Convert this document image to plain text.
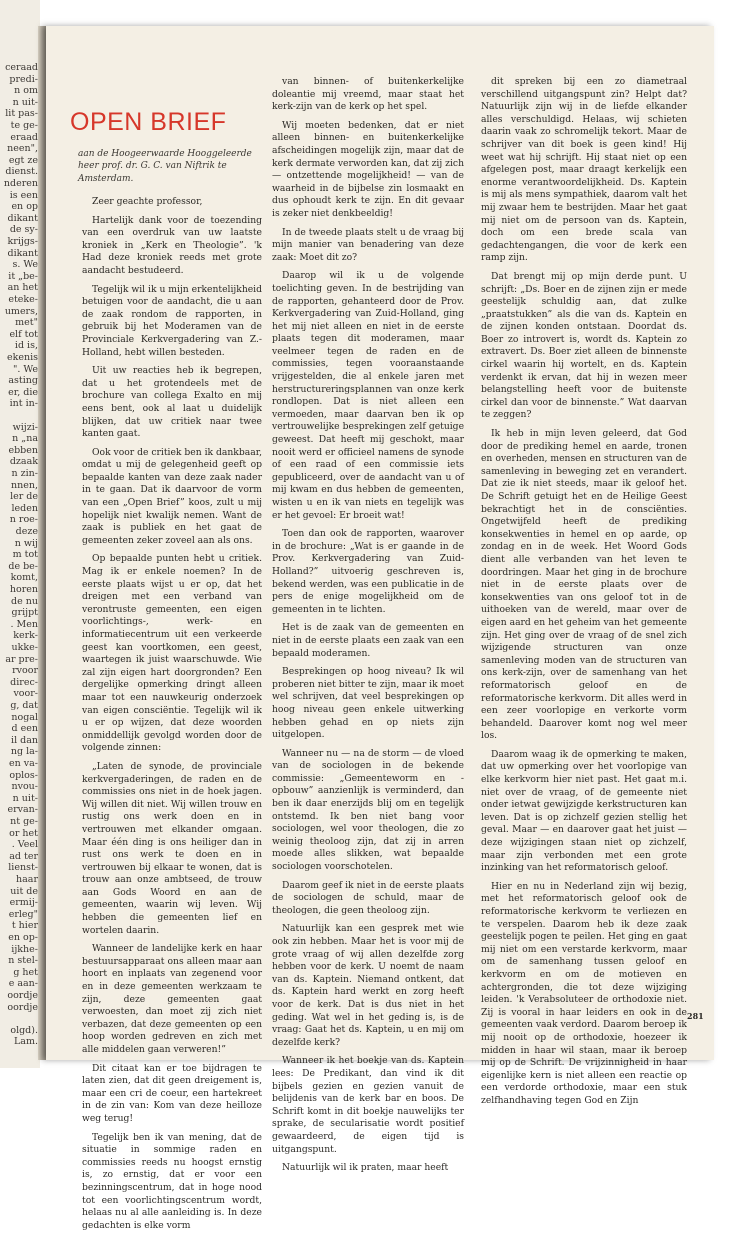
ceraad
predi-
n om
n uit-
lit pas-
te ge-
eraad
neen",
egt ze
dienst.
nderen
is een
en op
dikant
de sy-
krijgs-
dikant
s. We
it „be-
an het
eteke-
umers,
met"
elf tot
id is,
ekenis
". We
asting
er, die
int in-
wijzi-
n „na
ebben
dzaak
n zin-
nnen,
ler de
leden
n roe-
deze
n wij
m tot
de be-
komt,
horen
de nu
grijpt
. Men
kerk-
ukke-
ar pre-
rvoor
direc-
voor-
g, dat
nogal
d een
il dan
ng la-
en va-
oplos-
nvou-
n uit-
ervan-
nt ge-
or het
. Veel
ad ter
lienst-
haar
uit de
ermij-
erleg"
t hier
en op-
ijkhe-
n stel-
g het
e aan-
oordje
oordje
olgd).
Lam.
OPEN BRIEF
aan de Hoogeerwaarde Hooggeleerde heer prof. dr. G. C. van Niftrik te Amsterdam.

Zeer geachte professor,

Hartelijk dank voor de toezending van een overdruk van uw laatste kroniek in „Kerk en Theologie”. 'k Had deze kroniek reeds met grote aandacht bestudeerd.

Tegelijk wil ik u mijn erkentelijkheid betuigen voor de aandacht, die u aan de zaak rondom de rapporten, in gebruik bij het Moderamen van de Provinciale Kerkvergadering van Z.-Holland, hebt willen besteden.

Uit uw reacties heb ik begrepen, dat u het grotendeels met de brochure van collega Exalto en mij eens bent, ook al laat u duidelijk blijken, dat uw critiek naar twee kanten gaat.

Ook voor de critiek ben ik dankbaar, omdat u mij de gelegenheid geeft op bepaalde kanten van deze zaak nader in te gaan. Dat ik daarvoor de vorm van een „Open Brief” koos, zult u mij hopelijk niet kwalijk nemen. Want de zaak is publiek en het gaat de gemeenten zeker zoveel aan als ons.

Op bepaalde punten hebt u critiek. Mag ik er enkele noemen? In de eerste plaats wijst u er op, dat het dreigen met een verband van verontruste gemeenten, een eigen voorlichtings-, werk- en informatiecentrum uit een verkeerde geest kan voortkomen, een geest, waartegen ik juist waarschuwde. Wie zal zijn eigen hart doorgronden? Een dergelijke opmerking dringt alleen maar tot een nauwkeurig onderzoek van eigen consciëntie. Tegelijk wil ik u er op wijzen, dat deze woorden onmiddellijk gevolgd worden door de volgende zinnen:

„Laten de synode, de provinciale kerkvergaderingen, de raden en de commissies ons niet in de hoek jagen. Wij willen dit niet. Wij willen trouw en rustig ons werk doen en in vertrouwen met elkander omgaan. Maar één ding is ons heiliger dan in rust ons werk te doen en in vertrouwen bij elkaar te wonen, dat is trouw aan onze ambtseed, de trouw aan Gods Woord en aan de gemeenten, waarin wij leven. Wij hebben die gemeenten lief en wortelen daarin.

Wanneer de landelijke kerk en haar bestuursapparaat ons alleen maar aan hoort en inplaats van zegenend voor en in deze gemeenten werkzaam te zijn, deze gemeenten gaat verwoesten, dan moet zij zich niet verbazen, dat deze gemeenten op een hoop worden gedreven en zich met alle middelen gaan verweren!”

Dit citaat kan er toe bijdragen te laten zien, dat dit geen dreigement is, maar een cri de coeur, een hartekreet in de zin van: Kom van deze heilloze weg terug!

Tegelijk ben ik van mening, dat de situatie in sommige raden en commissies reeds nu hoogst ernstig is, zo ernstig, dat er voor een bezinningscentrum, dat in hoge nood tot een voorlichtingscentrum wordt, helaas nu al alle aanleiding is. In deze gedachten is elke vorm

van binnen- of buitenkerkelijke doleantie mij vreemd, maar staat het kerk-zijn van de kerk op het spel.

Wij moeten bedenken, dat er niet alleen binnen- en buitenkerkelijke afscheidingen mogelijk zijn, maar dat de kerk dermate verworden kan, dat zij zich — ontzettende mogelijkheid! — van de waarheid in de bijbelse zin losmaakt en dus ophoudt kerk te zijn. En dit gevaar is zeker niet denkbeeldig!

In de tweede plaats stelt u de vraag bij mijn manier van benadering van deze zaak: Moet dit zo?

Daarop wil ik u de volgende toelichting geven. In de bestrijding van de rapporten, gehanteerd door de Prov. Kerkvergadering van Zuid-Holland, ging het mij niet alleen en niet in de eerste plaats tegen dit moderamen, maar veelmeer tegen de raden en de commissies, tegen vooraanstaande vrijgestelden, die al enkele jaren met herstructureringsplannen van onze kerk rondlopen. Dat is niet alleen een vermoeden, maar daarvan ben ik op vertrouwelijke besprekingen zelf getuige geweest. Dat heeft mij geschokt, maar nooit werd er officieel namens de synode of een raad of een commissie iets gepubliceerd, over de aandacht van u of mij kwam en dus hebben de gemeenten, wisten u en ik van niets en tegelijk was er het gevoel: Er broeit wat!

Toen dan ook de rapporten, waarover in de brochure: „Wat is er gaande in de Prov. Kerkvergadering van Zuid-Holland?” uitvoerig geschreven is, bekend werden, was een publicatie in de pers de enige mogelijkheid om de gemeenten in te lichten.

Het is de zaak van de gemeenten en niet in de eerste plaats een zaak van een bepaald moderamen.

Besprekingen op hoog niveau? Ik wil proberen niet bitter te zijn, maar ik moet wel schrijven, dat veel besprekingen op hoog niveau geen enkele uitwerking hebben gehad en op niets zijn uitgelopen.

Wanneer nu — na de storm — de vloed van de sociologen in de bekende commissie: „Gemeenteworm en -opbouw” aanzienlijk is verminderd, dan ben ik daar enerzijds blij om en tegelijk ontstemd. Ik ben niet bang voor sociologen, wel voor theologen, die zo weinig theoloog zijn, dat zij in arren moede alles slikken, wat bepaalde sociologen voorschotelen.

Daarom geef ik niet in de eerste plaats de sociologen de schuld, maar de theologen, die geen theoloog zijn.

Natuurlijk kan een gesprek met wie ook zin hebben. Maar het is voor mij de grote vraag of wij allen dezelfde zorg hebben voor de kerk. U noemt de naam van ds. Kaptein. Niemand ontkent, dat ds. Kaptein hard werkt en zorg heeft voor de kerk. Dat is dus niet in het geding. Wat wel in het geding is, is de vraag: Gaat het ds. Kaptein, u en mij om dezelfde kerk?

Wanneer ik het boekje van ds. Kaptein lees: De Predikant, dan vind ik dit bijbels gezien en gezien vanuit de belijdenis van de kerk bar en boos. De Schrift komt in dit boekje nauwelijks ter sprake, de secularisatie wordt positief gewaardeerd, de eigen tijd is uitgangspunt.

Natuurlijk wil ik praten, maar heeft

dit spreken bij een zo diametraal verschillend uitgangspunt zin? Helpt dat? Natuurlijk zijn wij in de liefde elkander alles verschuldigd. Helaas, wij schieten daarin vaak zo schromelijk tekort. Maar de schrijver van dit boek is geen kind! Hij weet wat hij schrijft. Hij staat niet op een afgelegen post, maar draagt kerkelijk een enorme verantwoordelijkheid. Ds. Kaptein is mij als mens sympathiek, daarom valt het mij zwaar hem te bestrijden. Maar het gaat mij niet om de persoon van ds. Kaptein, doch om een brede scala van gedachtengangen, die voor de kerk een ramp zijn.

Dat brengt mij op mijn derde punt. U schrijft: „Ds. Boer en de zijnen zijn er mede geestelijk schuldig aan, dat zulke „praatstukken” als die van ds. Kaptein en de zijnen konden ontstaan. Doordat ds. Boer zo introvert is, wordt ds. Kaptein zo extravert. Ds. Boer ziet alleen de binnenste cirkel waarin hij wortelt, en ds. Kaptein verdenkt ik ervan, dat hij in wezen meer belangstelling heeft voor de buitenste cirkel dan voor de binnenste.” Wat daarvan te zeggen?

Ik heb in mijn leven geleerd, dat God door de prediking hemel en aarde, tronen en overheden, mensen en structuren van de samenleving in beweging zet en verandert. Dat zie ik niet steeds, maar ik geloof het. De Schrift getuigt het en de Heilige Geest bekrachtigt het in de consciënties. Ongetwijfeld heeft de prediking konsekwenties in hemel en op aarde, op zondag en in de week. Het Woord Gods dient alle verbanden van het leven te doordringen. Maar het ging in de brochure niet in de eerste plaats over de konsekwenties van ons geloof tot in de uithoeken van de wereld, maar over de eigen aard en het geheim van het gemeente zijn. Het ging over de vraag of de snel zich wijzigende structuren van onze samenleving moden van de structuren van ons kerk-zijn, over de samenhang van het reformatorisch geloof en de reformatorische kerkvorm. Dit alles werd in een zeer voorlopige en verkorte vorm behandeld. Daarover komt nog wel meer los.

Daarom waag ik de opmerking te maken, dat uw opmerking over het voorlopige van elke kerkvorm hier niet past. Het gaat m.i. niet over de vraag, of de gemeente niet onder ietwat gewijzigde kerkstructuren kan leven. Dat is op zichzelf gezien stellig het geval. Maar — en daarover gaat het juist — deze wijzigingen staan niet op zichzelf, maar zijn verbonden met een grote inzinking van het reformatorisch geloof.

Hier en nu in Nederland zijn wij bezig, met het reformatorisch geloof ook de reformatorische kerkvorm te verliezen en te verspelen. Daarom heb ik deze zaak geestelijk pogen te peilen. Het ging en gaat mij niet om een verstarde kerkvorm, maar om de samenhang tussen geloof en kerkvorm en om de motieven en achtergronden, die tot deze wijziging leiden. 'k Verabsoluteer de orthodoxie niet. Zij is vooral in haar leiders en ook in de gemeenten vaak verdord. Daarom beroep ik mij nooit op de orthodoxie, hoezeer ik midden in haar wil staan, maar ik beroep mij op de Schrift. De vrijzinnigheid in haar eigenlijke kern is niet alleen een reactie op een verdorde orthodoxie, maar een stuk zelfhandhaving tegen God en Zijn

281
